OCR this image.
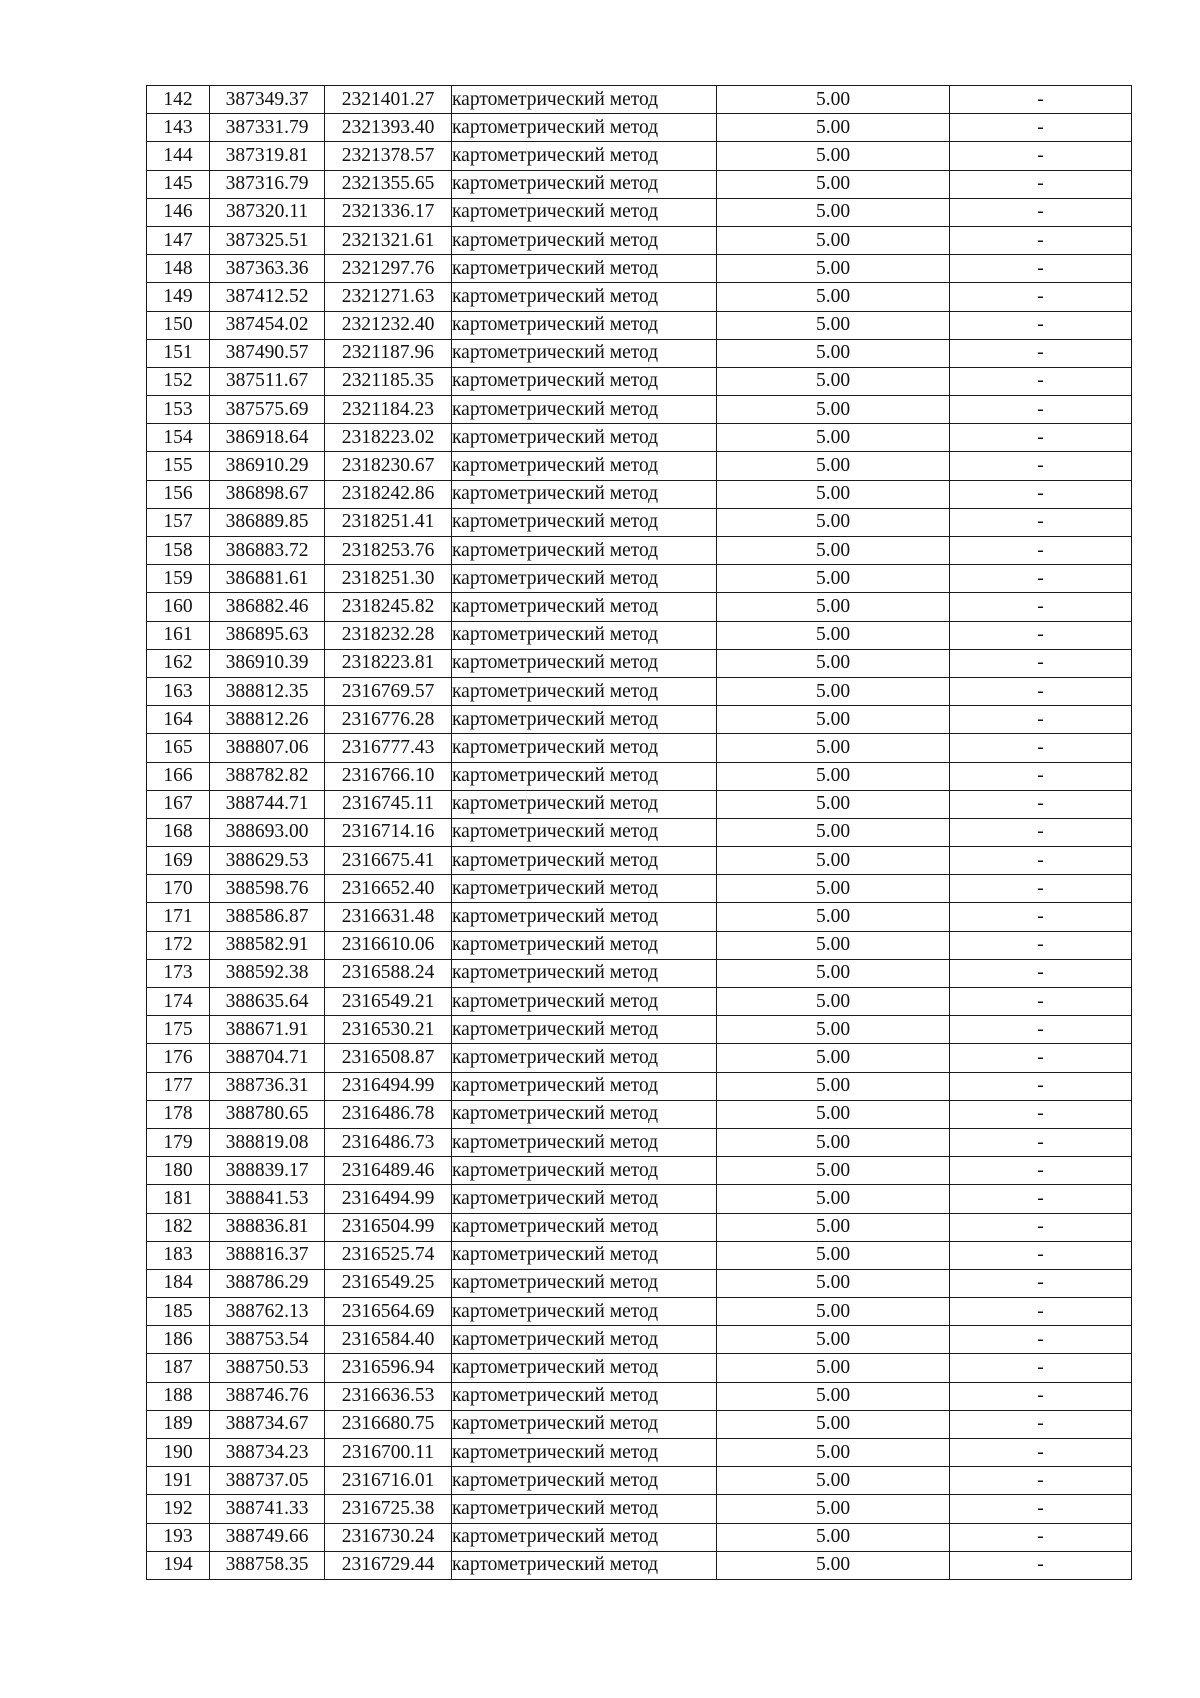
142	387349.37	2321401.27	картометрический метод	5.00	-
143	387331.79	2321393.40	картометрический метод	5.00	-
144	387319.81	2321378.57	картометрический метод	5.00	-
145	387316.79	2321355.65	картометрический метод	5.00	-
146	387320.11	2321336.17	картометрический метод	5.00	-
147	387325.51	2321321.61	картометрический метод	5.00	-
148	387363.36	2321297.76	картометрический метод	5.00	-
149	387412.52	2321271.63	картометрический метод	5.00	-
150	387454.02	2321232.40	картометрический метод	5.00	-
151	387490.57	2321187.96	картометрический метод	5.00	-
152	387511.67	2321185.35	картометрический метод	5.00	-
153	387575.69	2321184.23	картометрический метод	5.00	-
154	386918.64	2318223.02	картометрический метод	5.00	-
155	386910.29	2318230.67	картометрический метод	5.00	-
156	386898.67	2318242.86	картометрический метод	5.00	-
157	386889.85	2318251.41	картометрический метод	5.00	-
158	386883.72	2318253.76	картометрический метод	5.00	-
159	386881.61	2318251.30	картометрический метод	5.00	-
160	386882.46	2318245.82	картометрический метод	5.00	-
161	386895.63	2318232.28	картометрический метод	5.00	-
162	386910.39	2318223.81	картометрический метод	5.00	-
163	388812.35	2316769.57	картометрический метод	5.00	-
164	388812.26	2316776.28	картометрический метод	5.00	-
165	388807.06	2316777.43	картометрический метод	5.00	-
166	388782.82	2316766.10	картометрический метод	5.00	-
167	388744.71	2316745.11	картометрический метод	5.00	-
168	388693.00	2316714.16	картометрический метод	5.00	-
169	388629.53	2316675.41	картометрический метод	5.00	-
170	388598.76	2316652.40	картометрический метод	5.00	-
171	388586.87	2316631.48	картометрический метод	5.00	-
172	388582.91	2316610.06	картометрический метод	5.00	-
173	388592.38	2316588.24	картометрический метод	5.00	-
174	388635.64	2316549.21	картометрический метод	5.00	-
175	388671.91	2316530.21	картометрический метод	5.00	-
176	388704.71	2316508.87	картометрический метод	5.00	-
177	388736.31	2316494.99	картометрический метод	5.00	-
178	388780.65	2316486.78	картометрический метод	5.00	-
179	388819.08	2316486.73	картометрический метод	5.00	-
180	388839.17	2316489.46	картометрический метод	5.00	-
181	388841.53	2316494.99	картометрический метод	5.00	-
182	388836.81	2316504.99	картометрический метод	5.00	-
183	388816.37	2316525.74	картометрический метод	5.00	-
184	388786.29	2316549.25	картометрический метод	5.00	-
185	388762.13	2316564.69	картометрический метод	5.00	-
186	388753.54	2316584.40	картометрический метод	5.00	-
187	388750.53	2316596.94	картометрический метод	5.00	-
188	388746.76	2316636.53	картометрический метод	5.00	-
189	388734.67	2316680.75	картометрический метод	5.00	-
190	388734.23	2316700.11	картометрический метод	5.00	-
191	388737.05	2316716.01	картометрический метод	5.00	-
192	388741.33	2316725.38	картометрический метод	5.00	-
193	388749.66	2316730.24	картометрический метод	5.00	-
194	388758.35	2316729.44	картометрический метод	5.00	-
